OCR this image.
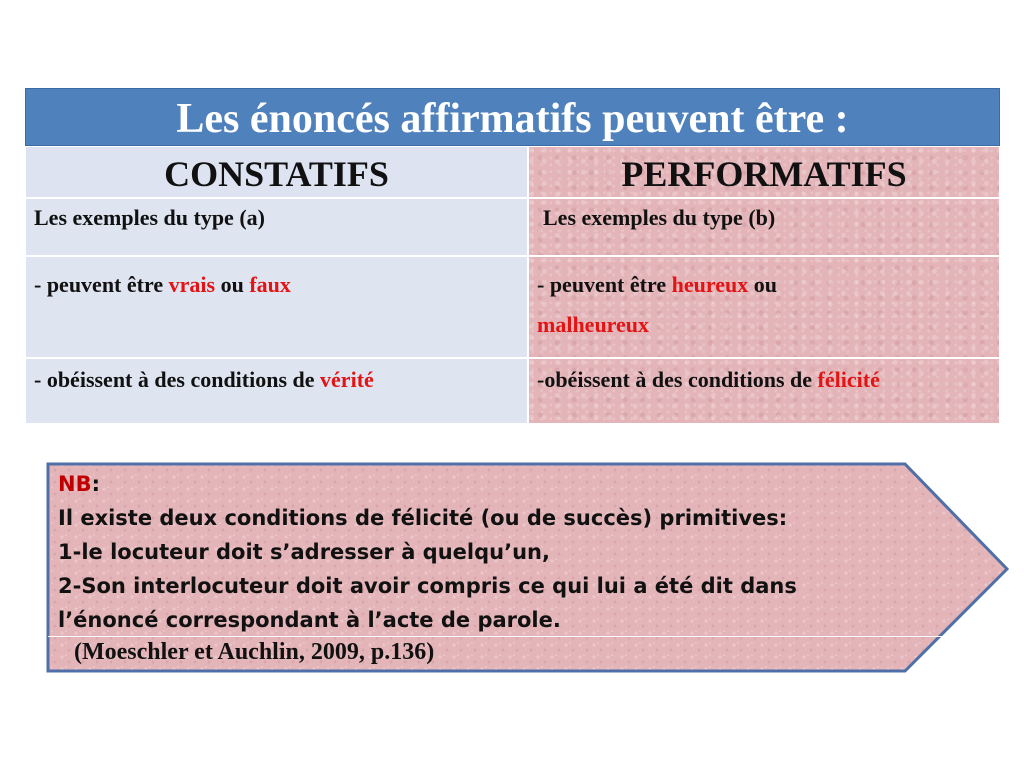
Les énoncés affirmatifs peuvent être :
CONSTATIFS	PERFORMATIFS
Les exemples du type (a)	Les exemples du type (b)
- peuvent être vrais ou faux	- peuvent être heureux ou
malheureux
- obéissent à des conditions de vérité	-obéissent à des conditions de félicité
NB:
Il existe deux conditions de félicité (ou de succès) primitives:
1-le locuteur doit s’adresser à quelqu’un,
2-Son interlocuteur doit avoir compris ce qui lui a été dit dans
l’énoncé correspondant à l’acte de parole.
(Moeschler et Auchlin, 2009, p.136)
